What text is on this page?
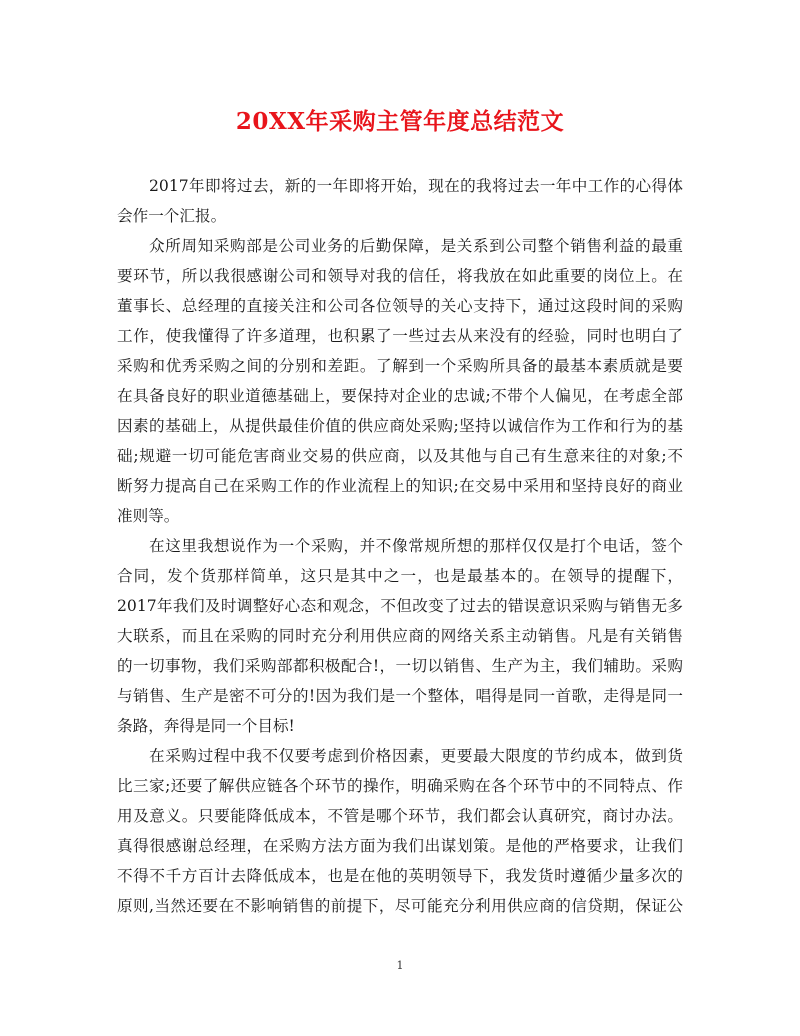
20XX年采购主管年度总结范文
2017年即将过去，新的一年即将开始，现在的我将过去一年中工作的心得体
会作一个汇报。
众所周知采购部是公司业务的后勤保障，是关系到公司整个销售利益的最重
要环节，所以我很感谢公司和领导对我的信任，将我放在如此重要的岗位上。在
董事长、总经理的直接关注和公司各位领导的关心支持下，通过这段时间的采购
工作，使我懂得了许多道理，也积累了一些过去从来没有的经验，同时也明白了
采购和优秀采购之间的分别和差距。了解到一个采购所具备的最基本素质就是要
在具备良好的职业道德基础上，要保持对企业的忠诚;不带个人偏见，在考虑全部
因素的基础上，从提供最佳价值的供应商处采购;坚持以诚信作为工作和行为的基
础;规避一切可能危害商业交易的供应商，以及其他与自己有生意来往的对象;不
断努力提高自己在采购工作的作业流程上的知识;在交易中采用和坚持良好的商业
准则等。
在这里我想说作为一个采购，并不像常规所想的那样仅仅是打个电话，签个
合同，发个货那样简单，这只是其中之一，也是最基本的。在领导的提醒下，
2017年我们及时调整好心态和观念，不但改变了过去的错误意识采购与销售无多
大联系，而且在采购的同时充分利用供应商的网络关系主动销售。凡是有关销售
的一切事物，我们采购部都积极配合!，一切以销售、生产为主，我们辅助。采购
与销售、生产是密不可分的!因为我们是一个整体，唱得是同一首歌，走得是同一
条路，奔得是同一个目标!
在采购过程中我不仅要考虑到价格因素，更要最大限度的节约成本，做到货
比三家;还要了解供应链各个环节的操作，明确采购在各个环节中的不同特点、作
用及意义。只要能降低成本，不管是哪个环节，我们都会认真研究，商讨办法。
真得很感谢总经理，在采购方法方面为我们出谋划策。是他的严格要求，让我们
不得不千方百计去降低成本，也是在他的英明领导下，我发货时遵循少量多次的
原则,当然还要在不影响销售的前提下，尽可能充分利用供应商的信贷期，保证公
1
